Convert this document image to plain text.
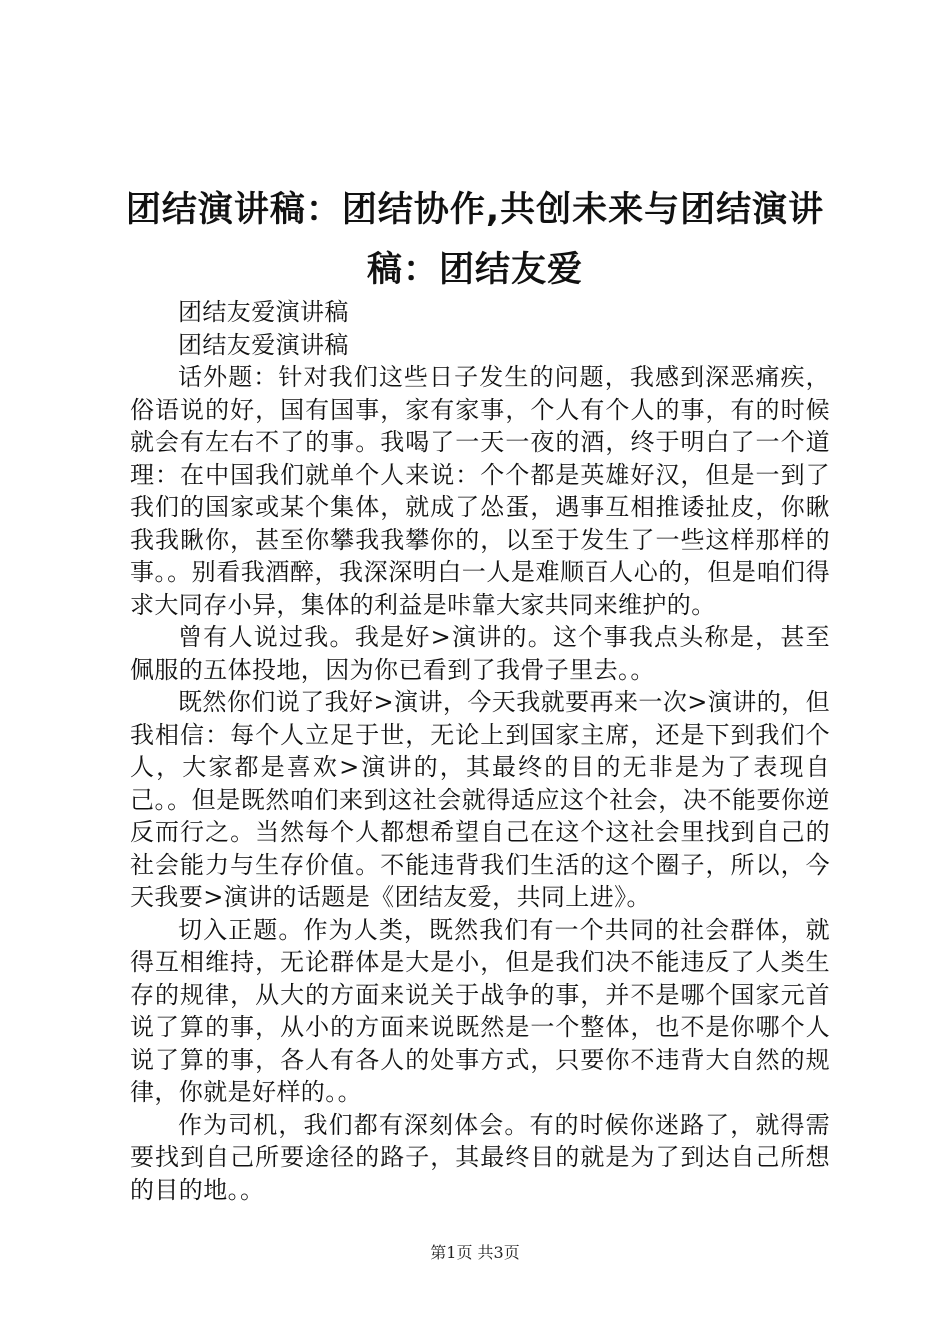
团结演讲稿：团结协作,共创未来与团结演讲稿：团结友爱

团结友爱演讲稿

团结友爱演讲稿

话外题：针对我们这些日子发生的问题，我感到深恶痛疾，俗语说的好，国有国事，家有家事，个人有个人的事，有的时候就会有左右不了的事。我喝了一天一夜的酒，终于明白了一个道理：在中国我们就单个人来说：个个都是英雄好汉，但是一到了我们的国家或某个集体，就成了怂蛋，遇事互相推诿扯皮，你瞅我我瞅你，甚至你攀我我攀你的，以至于发生了一些这样那样的事。。别看我酒醉，我深深明白一人是难顺百人心的，但是咱们得求大同存小异，集体的利益是咔靠大家共同来维护的。

曾有人说过我。我是好>演讲的。这个事我点头称是，甚至佩服的五体投地，因为你已看到了我骨子里去。。

既然你们说了我好>演讲，今天我就要再来一次>演讲的，但我相信：每个人立足于世，无论上到国家主席，还是下到我们个人，大家都是喜欢>演讲的，其最终的目的无非是为了表现自己。。但是既然咱们来到这社会就得适应这个社会，决不能要你逆反而行之。当然每个人都想希望自己在这个这社会里找到自己的社会能力与生存价值。不能违背我们生活的这个圈子，所以，今天我要>演讲的话题是《团结友爱，共同上进》。

切入正题。作为人类，既然我们有一个共同的社会群体，就得互相维持，无论群体是大是小，但是我们决不能违反了人类生存的规律，从大的方面来说关于战争的事，并不是哪个国家元首说了算的事，从小的方面来说既然是一个整体，也不是你哪个人说了算的事，各人有各人的处事方式，只要你不违背大自然的规律，你就是好样的。。

作为司机，我们都有深刻体会。有的时候你迷路了，就得需要找到自己所要途径的路子，其最终目的就是为了到达自己所想的目的地。。

第1页 共3页
